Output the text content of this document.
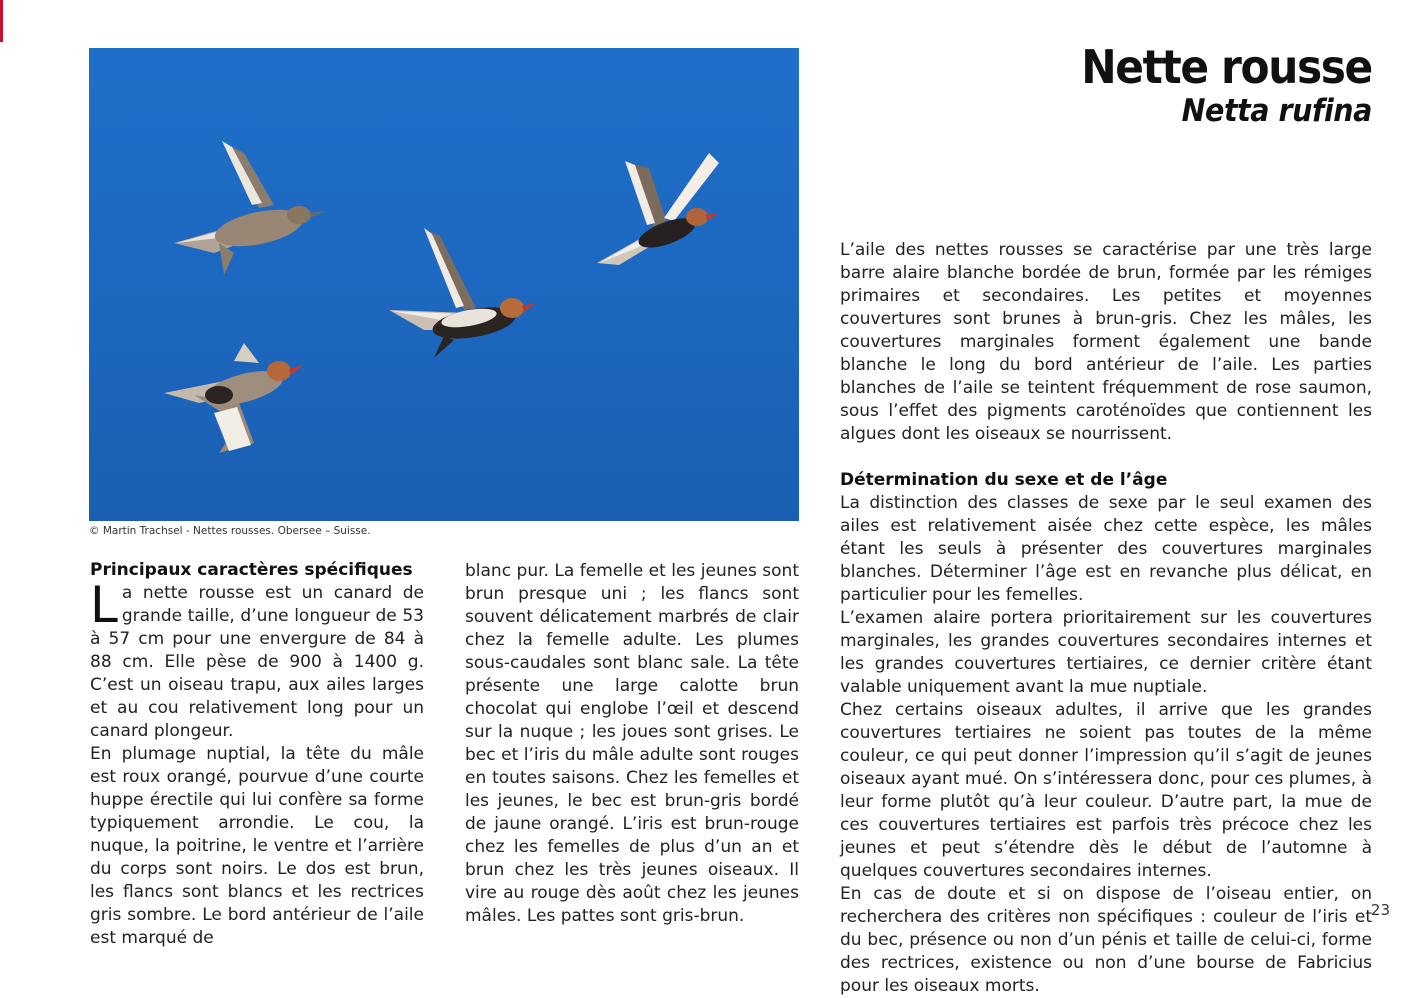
© Martin Trachsel - Nettes rousses. Obersee – Suisse.
Nette rousse
Netta rufina

Principaux caractères spécifiques

La nette rousse est un canard de grande taille, d’une longueur de 53 à 57 cm pour une envergure de 84 à 88 cm. Elle pèse de 900 à 1400 g. C’est un oiseau trapu, aux ailes larges et au cou relativement long pour un canard plongeur.

En plumage nuptial, la tête du mâle est roux orangé, pourvue d’une courte huppe érectile qui lui confère sa forme typiquement arrondie. Le cou, la nuque, la poitrine, le ventre et l’arrière du corps sont noirs. Le dos est brun, les flancs sont blancs et les rectrices gris sombre. Le bord antérieur de l’aile est marqué de

blanc pur. La femelle et les jeunes sont brun presque uni ; les flancs sont souvent délicatement marbrés de clair chez la femelle adulte. Les plumes sous-caudales sont blanc sale. La tête présente une large calotte brun chocolat qui englobe l’œil et descend sur la nuque ; les joues sont grises. Le bec et l’iris du mâle adulte sont rouges en toutes saisons. Chez les femelles et les jeunes, le bec est brun-gris bordé de jaune orangé. L’iris est brun-rouge chez les femelles de plus d’un an et brun chez les très jeunes oiseaux. Il vire au rouge dès août chez les jeunes mâles. Les pattes sont gris-brun.

L’aile des nettes rousses se caractérise par une très large barre alaire blanche bordée de brun, formée par les rémiges primaires et secondaires. Les petites et moyennes couvertures sont brunes à brun-gris. Chez les mâles, les couvertures marginales forment également une bande blanche le long du bord antérieur de l’aile. Les parties blanches de l’aile se teintent fréquemment de rose saumon, sous l’effet des pigments caroténoïdes que contiennent les algues dont les oiseaux se nourrissent.

Détermination du sexe et de l’âge

La distinction des classes de sexe par le seul examen des ailes est relativement aisée chez cette espèce, les mâles étant les seuls à présenter des couvertures marginales blanches. Déterminer l’âge est en revanche plus délicat, en particulier pour les femelles.

L’examen alaire portera prioritairement sur les couvertures marginales, les grandes couvertures secondaires internes et les grandes couvertures tertiaires, ce dernier critère étant valable uniquement avant la mue nuptiale.

Chez certains oiseaux adultes, il arrive que les grandes couvertures tertiaires ne soient pas toutes de la même couleur, ce qui peut donner l’impression qu’il s’agit de jeunes oiseaux ayant mué. On s’intéressera donc, pour ces plumes, à leur forme plutôt qu’à leur couleur. D’autre part, la mue de ces couvertures tertiaires est parfois très précoce chez les jeunes et peut s’étendre dès le début de l’automne à quelques couvertures secondaires internes.

En cas de doute et si on dispose de l’oiseau entier, on recherchera des critères non spécifiques : couleur de l’iris et du bec, présence ou non d’un pénis et taille de celui-ci, forme des rectrices, existence ou non d’une bourse de Fabricius pour les oiseaux morts.

23
